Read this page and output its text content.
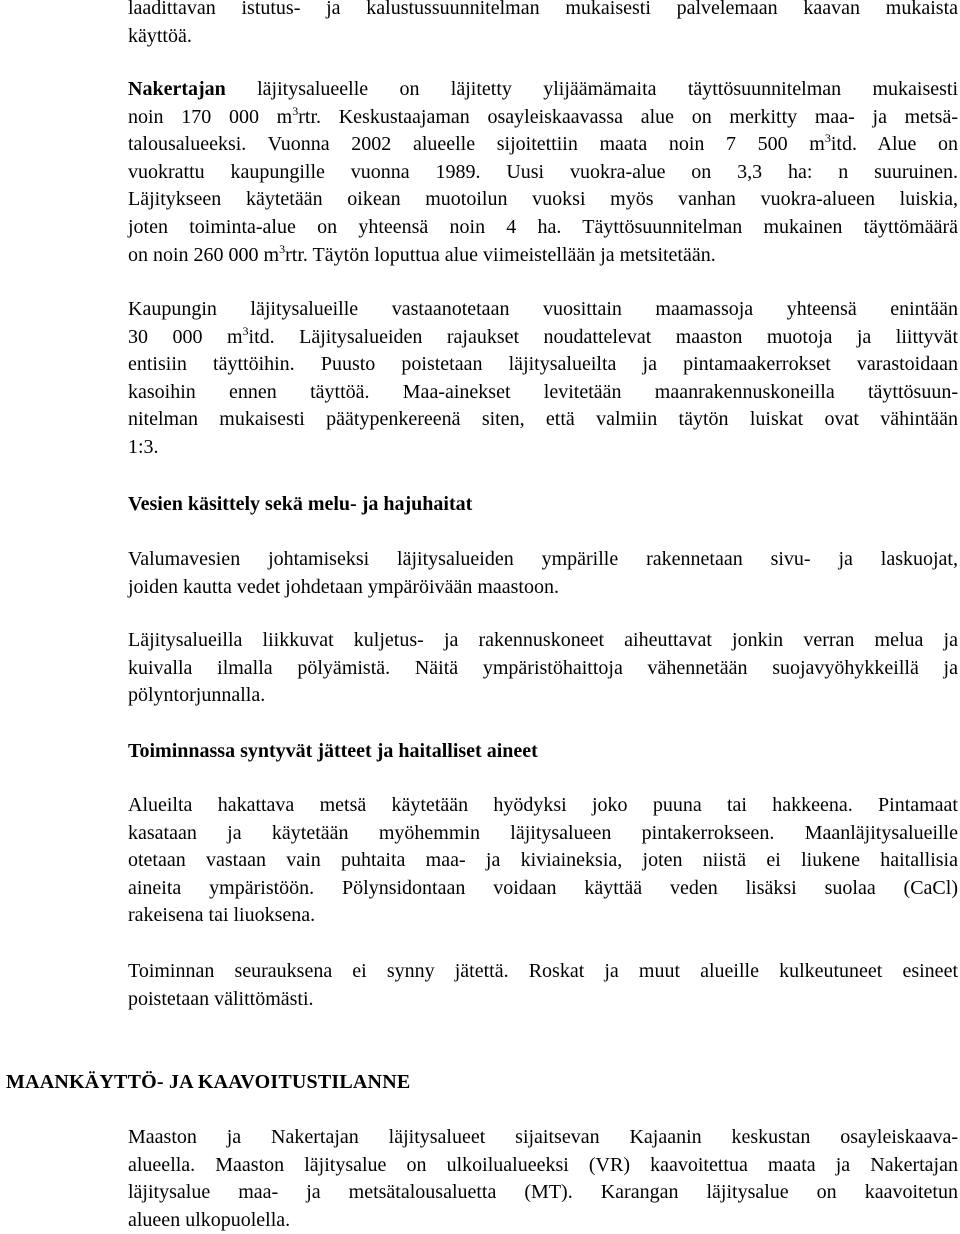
laadittavan istutus- ja kalustussuunnitelman mukaisesti palvelemaan kaavan mukaista
käyttöä.
Nakertajan läjitysalueelle on läjitetty ylijäämämaita täyttösuunnitelman mukaisesti
noin 170 000 $m^3rtr$. Keskustaajaman osayleiskaavassa alue on merkitty maa- ja metsä-
talousalueeksi. Vuonna 2002 alueelle sijoitettiin maata noin 7 500 $m^3itd$. Alue on
vuokrattu kaupungille vuonna 1989. Uusi vuokra-alue on 3,3 ha: n suuruinen.
Läjitykseen käytetään oikean muotoilun vuoksi myös vanhan vuokra-alueen luiskia,
joten toiminta-alue on yhteensä noin 4 ha. Täyttösuunnitelman mukainen täyttömäärä
on noin 260 000 $m^3rtr$. Täytön loputtua alue viimeistellään ja metsitetään.
Kaupungin läjitysalueille vastaanotetaan vuosittain maamassoja yhteensä enintään
30 000 $m^3itd$. Läjitysalueiden rajaukset noudattelevat maaston muotoja ja liittyvät
entisiin täyttöihin. Puusto poistetaan läjitysalueilta ja pintamaakerrokset varastoidaan
kasoihin ennen täyttöä. Maa-ainekset levitetään maanrakennuskoneilla täyttösuun-
nitelman mukaisesti päätypenkereenä siten, että valmiin täytön luiskat ovat vähintään
1:3.
Vesien käsittely sekä melu- ja hajuhaitat
Valumavesien johtamiseksi läjitysalueiden ympärille rakennetaan sivu- ja laskuojat,
joiden kautta vedet johdetaan ympäröivään maastoon.
Läjitysalueilla liikkuvat kuljetus- ja rakennuskoneet aiheuttavat jonkin verran melua ja
kuivalla ilmalla pölyämistä. Näitä ympäristöhaittoja vähennetään suojavyöhykkeillä ja
pölyntorjunnalla.
Toiminnassa syntyvät jätteet ja haitalliset aineet
Alueilta hakattava metsä käytetään hyödyksi joko puuna tai hakkeena. Pintamaat
kasataan ja käytetään myöhemmin läjitysalueen pintakerrokseen. Maanläjitysalueille
otetaan vastaan vain puhtaita maa- ja kiviaineksia, joten niistä ei liukene haitallisia
aineita ympäristöön. Pölynsidontaan voidaan käyttää veden lisäksi suolaa (CaCl)
rakeisena tai liuoksena.
Toiminnan seurauksena ei synny jätettä. Roskat ja muut alueille kulkeutuneet esineet
poistetaan välittömästi.
MAANKÄYTTÖ- JA KAAVOITUSTILANNE
Maaston ja Nakertajan läjitysalueet sijaitsevan Kajaanin keskustan osayleiskaava-
alueella. Maaston läjitysalue on ulkoilualueeksi (VR) kaavoitettua maata ja Nakertajan
läjitysalue maa- ja metsätalousaluetta (MT). Karangan läjitysalue on kaavoitetun
alueen ulkopuolella.
